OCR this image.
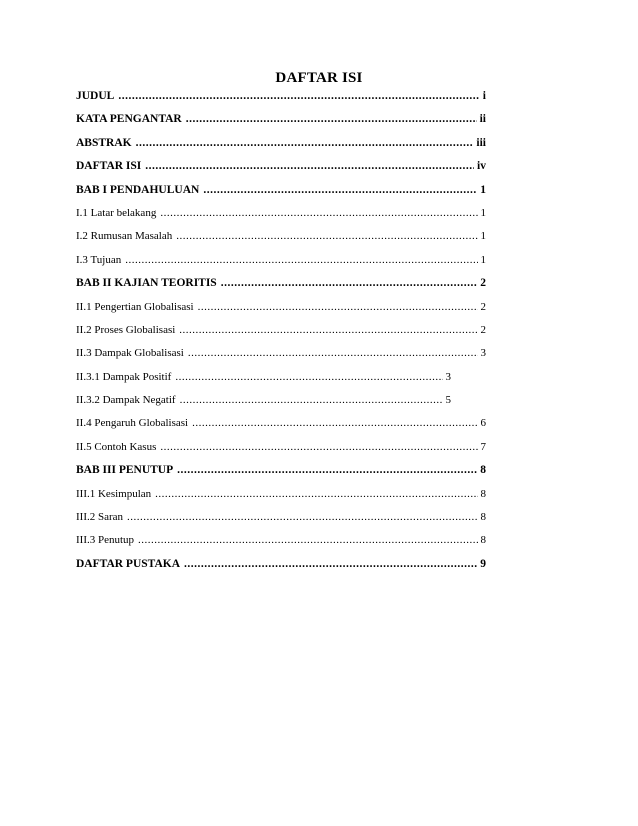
DAFTAR ISI
JUDUL .....	i
KATA PENGANTAR .....	ii
ABSTRAK .....	iii
DAFTAR ISI .....	iv
BAB I PENDAHULUAN .....	1
I.1 Latar belakang .....	1
I.2 Rumusan Masalah .....	1
I.3 Tujuan .....	1
BAB II KAJIAN TEORITIS .....	2
II.1 Pengertian Globalisasi .....	2
II.2 Proses Globalisasi .....	2
II.3 Dampak Globalisasi .....	3
II.3.1 Dampak Positif .....	3
II.3.2 Dampak Negatif .....	5
II.4 Pengaruh Globalisasi .....	6
II.5 Contoh Kasus .....	7
BAB III PENUTUP .....	8
III.1 Kesimpulan .....	8
III.2 Saran .....	8
III.3 Penutup .....	8
DAFTAR PUSTAKA .....	9
